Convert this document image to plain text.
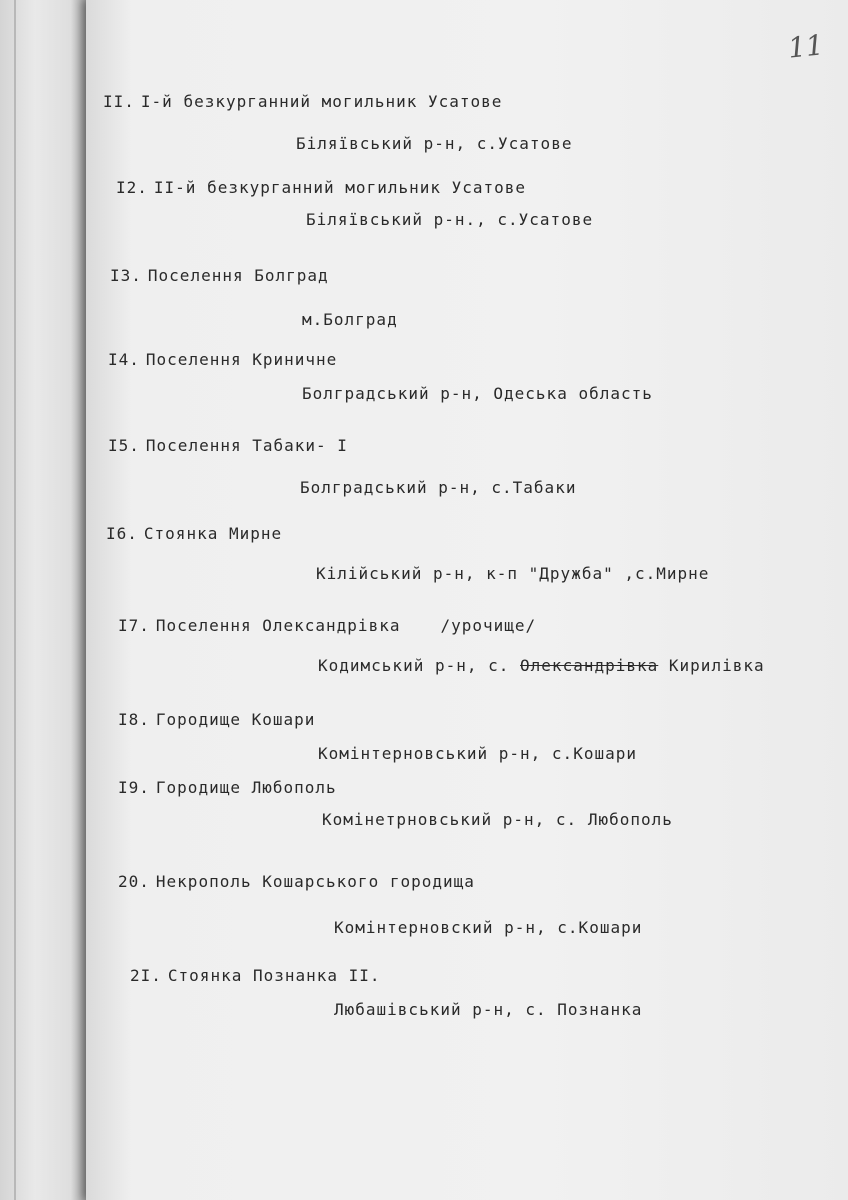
11
II. I-й безкурганний могильник Усатове
Біляївський р-н, с.Усатове
I2. II-й безкурганний могильник Усатове
Біляївський р-н., с.Усатове
I3. Поселення Болград
м.Болград
I4. Поселення Криничне
Болградський р-н, Одеська область
I5. Поселення Табаки- I
Болградський р-н, с.Табаки
I6. Стоянка Мирне
Кілійський р-н, к-п "Дружба" ,с.Мирне
I7. Поселення Олександрівка	/урочище/
Кодимський р-н, с. Олександрівка Кирилівка
I8. Городище Кошари
Комінтерновський р-н, с.Кошари
I9. Городище Любополь
Комінетрновський р-н, с. Любополь
20. Некрополь Кошарського городища
Комінтерновский р-н, с.Кошари
2I. Стоянка Познанка II.
Любашівський р-н, с. Познанка
